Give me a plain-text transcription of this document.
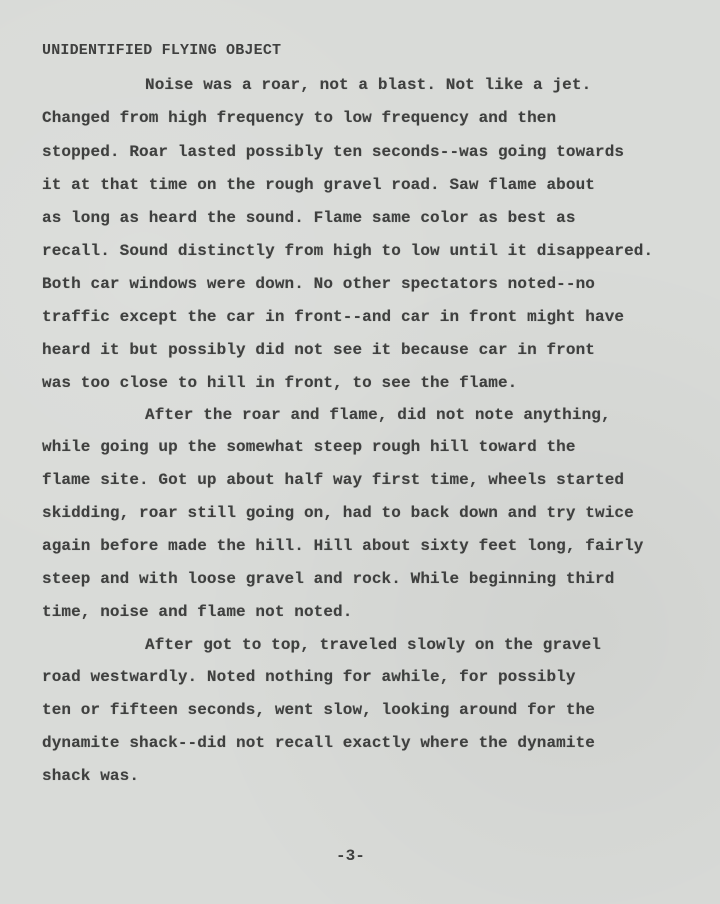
UNIDENTIFIED FLYING OBJECT
Noise was a roar, not a blast. Not like a jet.
Changed from high frequency to low frequency and then
stopped. Roar lasted possibly ten seconds--was going towards
it at that time on the rough gravel road. Saw flame about
as long as heard the sound. Flame same color as best as
recall. Sound distinctly from high to low until it disappeared.
Both car windows were down. No other spectators noted--no
traffic except the car in front--and car in front might have
heard it but possibly did not see it because car in front
was too close to hill in front, to see the flame.
After the roar and flame, did not note anything,
while going up the somewhat steep rough hill toward the
flame site. Got up about half way first time, wheels started
skidding, roar still going on, had to back down and try twice
again before made the hill. Hill about sixty feet long, fairly
steep and with loose gravel and rock. While beginning third
time, noise and flame not noted.
After got to top, traveled slowly on the gravel
road westwardly. Noted nothing for awhile, for possibly
ten or fifteen seconds, went slow, looking around for the
dynamite shack--did not recall exactly where the dynamite
shack was.
-3-
